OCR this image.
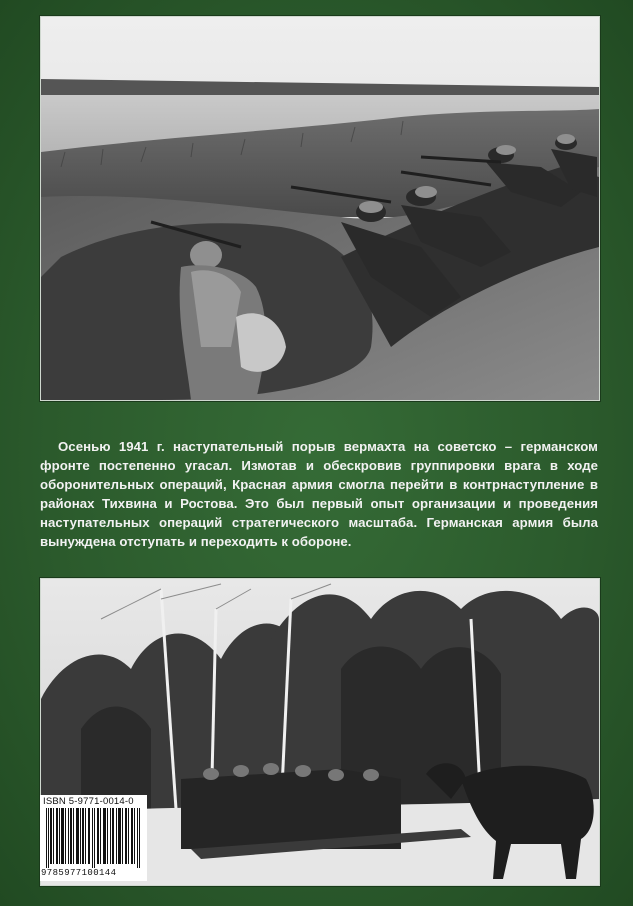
Осенью 1941 г. наступательный порыв вермахта на советско – германском фронте постепенно угасал. Измотав и обескровив группировки врага в ходе оборонительных операций, Красная армия смогла перейти в контрнаступление в районах Тихвина и Ростова. Это был первый опыт организации и проведения наступательных операций стратегического масштаба. Германская армия была вынуждена отступать и переходить к обороне.

ISBN 5-9771-0014-0
9785977100144
